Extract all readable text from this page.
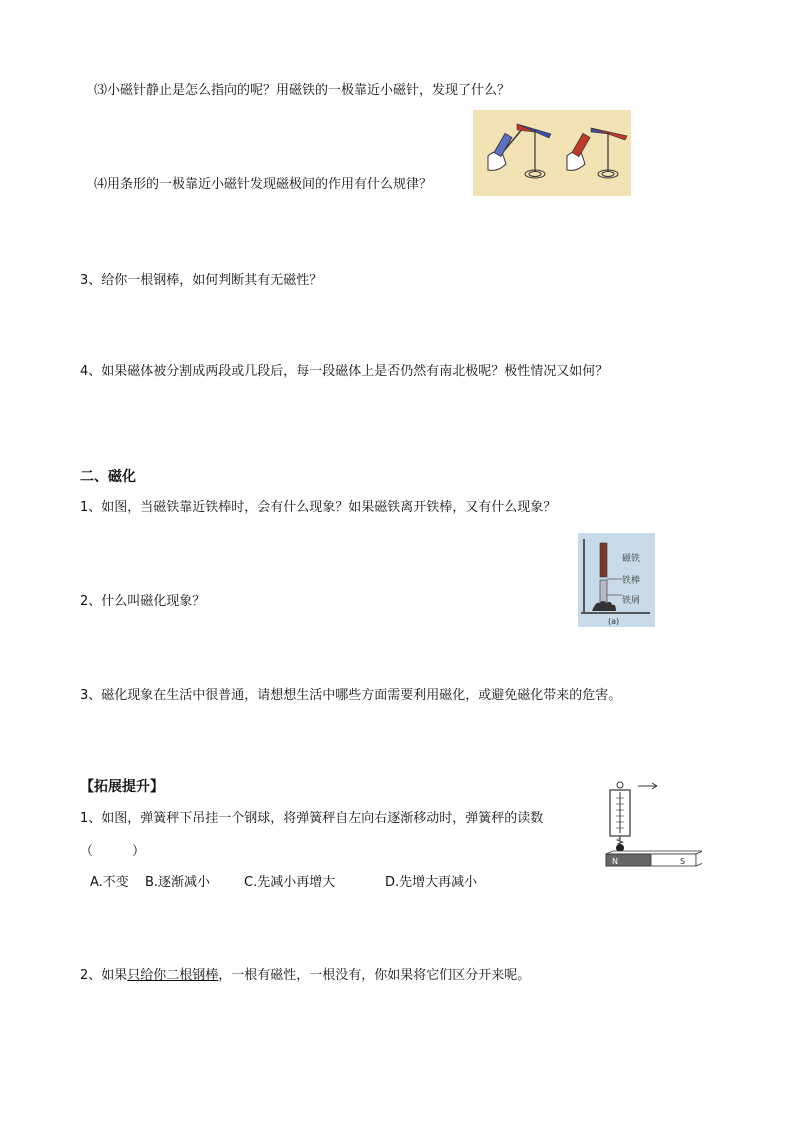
⑶小磁针静止是怎么指向的呢？用磁铁的一极靠近小磁针，发现了什么？
⑷用条形的一极靠近小磁针发现磁极间的作用有什么规律？
3、给你一根钢棒，如何判断其有无磁性？
4、如果磁体被分割成两段或几段后，每一段磁体上是否仍然有南北极呢？极性情况又如何？
二、磁化
1、如图，当磁铁靠近铁棒时，会有什么现象？如果磁铁离开铁棒，又有什么现象？
磁铁
铁棒
铁屑
(a)
2、什么叫磁化现象？
3、磁化现象在生活中很普通，请想想生活中哪些方面需要利用磁化，或避免磁化带来的危害。
【拓展提升】
1、如图，弹簧秤下吊挂一个钢球，将弹簧秤自左向右逐渐移动时，弹簧秤的读数
（　　　）
A.不变 B.逐渐减小	C.先减小再增大	D.先增大再减小
N	S
2、如果只给你二根钢棒，一根有磁性，一根没有，你如果将它们区分开来呢。
